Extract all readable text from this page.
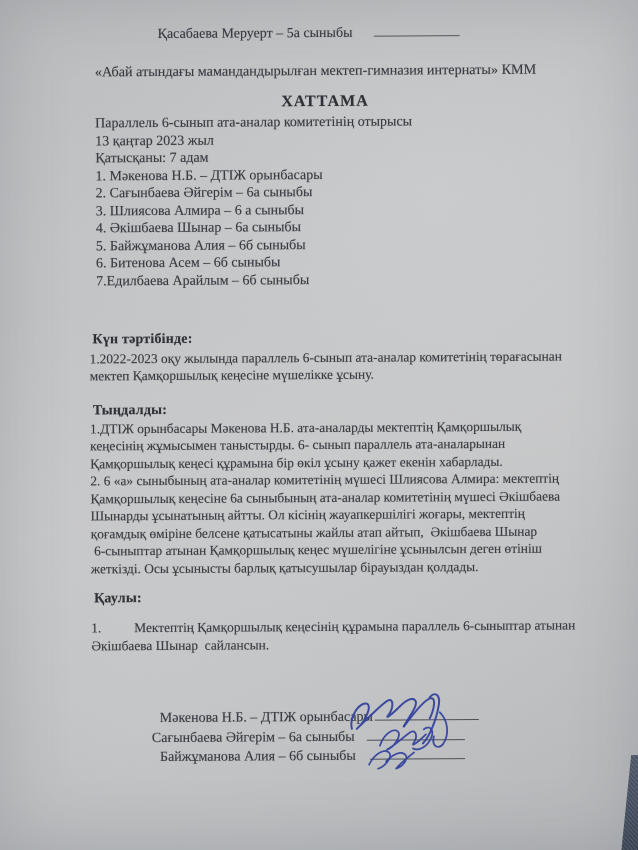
Қасабаева Меруерт – 5а сыныбы
«Абай атындағы мамандандырылған мектеп-гимназия интернаты» КММ
ХАТТАМА
Параллель 6-сынып ата-аналар комитетінің отырысы
13 қаңтар 2023 жыл
Қатысқаны: 7 адам
1. Мәкенова Н.Б. – ДТІЖ орынбасары
2. Сағынбаева Әйгерім – 6а сыныбы
3. Шлиясова Алмира – 6 а сыныбы
4. Әкішбаева Шынар – 6а сыныбы
5. Байжұманова Алия – 6б сыныбы
6. Битенова Асем – 6б сыныбы
7.Едилбаева Арайлым – 6б сыныбы
Күн тәртібінде:
1.2022-2023 оқу жылында параллель 6-сынып ата-аналар комитетінің төрағасынан
мектеп Қамқоршылық кеңесіне мүшелікке ұсыну.
Тыңдалды:
1.ДТІЖ орынбасары Мәкенова Н.Б. ата-аналарды мектептің Қамқоршылық
кеңесінің жұмысымен таныстырды. 6- сынып параллель ата-аналарынан
Қамқоршылық кеңесі құрамына бір өкіл ұсыну қажет екенін хабарлады.
2. 6 «а» сыныбының ата-аналар комитетінің мүшесі Шлиясова Алмира: мектептің
Қамқоршылық кеңесіне 6а сыныбының ата-аналар комитетінің мүшесі Әкішбаева
Шынарды ұсынатының айтты. Ол кісінің жауапкершілігі жоғары, мектептің
қоғамдық өміріне белсене қатысатыны жайлы атап айтып,  Әкішбаева Шынар
6-сыныптар атынан Қамқоршылық кеңес мүшелігіне ұсынылсын деген өтініш
жеткізді. Осы ұсынысты барлық қатысушылар бірауыздан қолдады.
Қаулы:
1. Мектептің Қамқоршылық кеңесінің құрамына параллель 6-сыныптар атынан
Әкішбаева Шынар  сайлансын.
Мәкенова Н.Б. – ДТІЖ орынбасары
Сағынбаева Әйгерім – 6а сыныбы
Байжұманова Алия – 6б сыныбы
